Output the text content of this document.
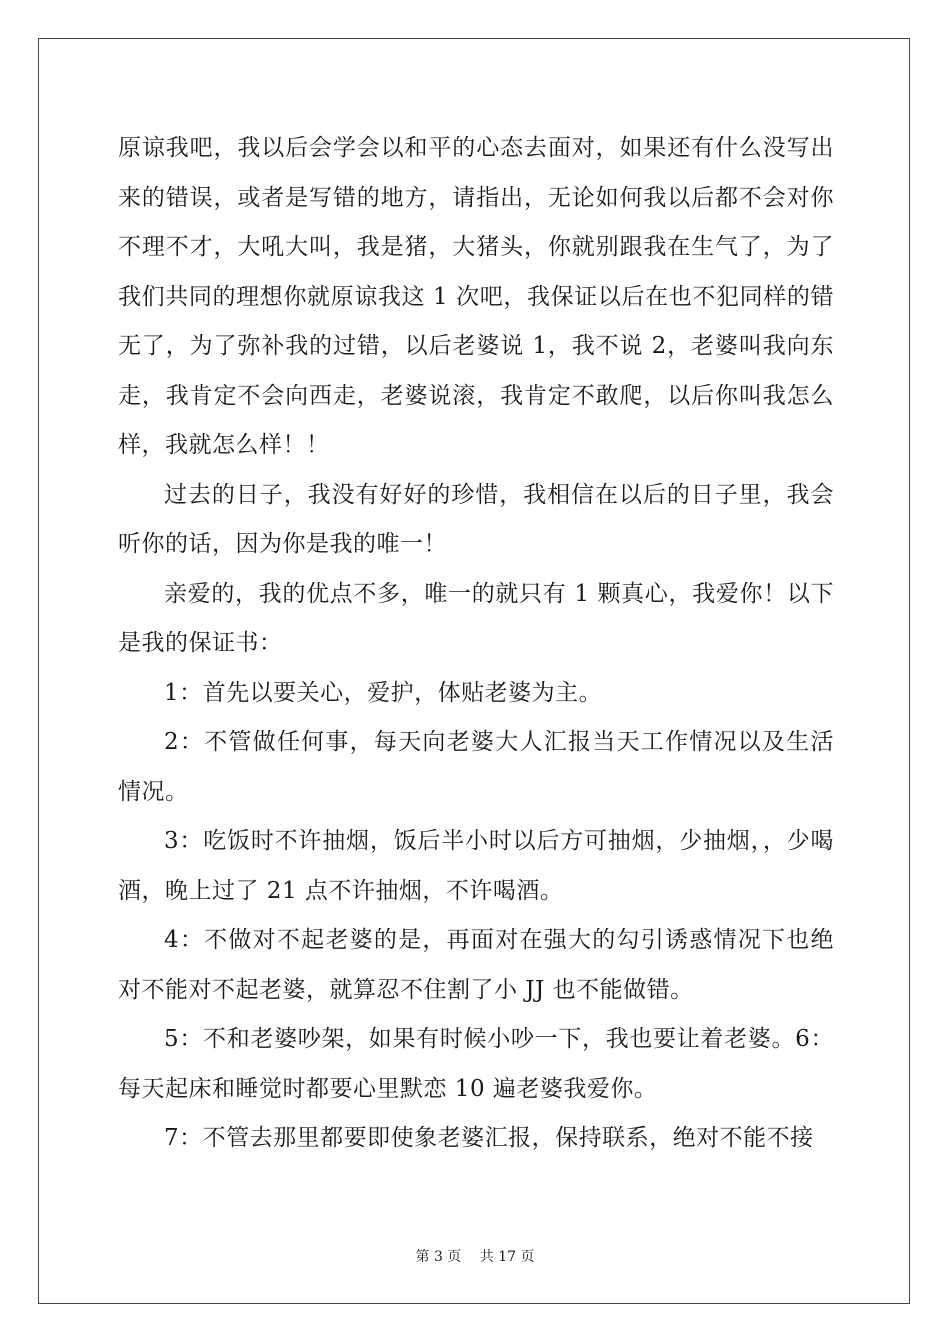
原谅我吧，我以后会学会以和平的心态去面对，如果还有什么没写出来的错误，或者是写错的地方，请指出，无论如何我以后都不会对你不理不才，大吼大叫，我是猪，大猪头，你就别跟我在生气了，为了我们共同的理想你就原谅我这 1 次吧，我保证以后在也不犯同样的错无了，为了弥补我的过错，以后老婆说 1，我不说 2，老婆叫我向东走，我肯定不会向西走，老婆说滚，我肯定不敢爬，以后你叫我怎么样，我就怎么样！！

过去的日子，我没有好好的珍惜，我相信在以后的日子里，我会听你的话，因为你是我的唯一！

亲爱的，我的优点不多，唯一的就只有 1 颗真心，我爱你！以下是我的保证书：

1：首先以要关心，爱护，体贴老婆为主。

2：不管做任何事，每天向老婆大人汇报当天工作情况以及生活情况。

3：吃饭时不许抽烟，饭后半小时以后方可抽烟，少抽烟，，少喝酒，晚上过了 21 点不许抽烟，不许喝酒。

4：不做对不起老婆的是，再面对在强大的勾引诱惑情况下也绝对不能对不起老婆，就算忍不住割了小 JJ 也不能做错。

5：不和老婆吵架，如果有时候小吵一下，我也要让着老婆。6：每天起床和睡觉时都要心里默恋 10 遍老婆我爱你。

7：不管去那里都要即使象老婆汇报，保持联系，绝对不能不接

第 3 页　 共 17 页
